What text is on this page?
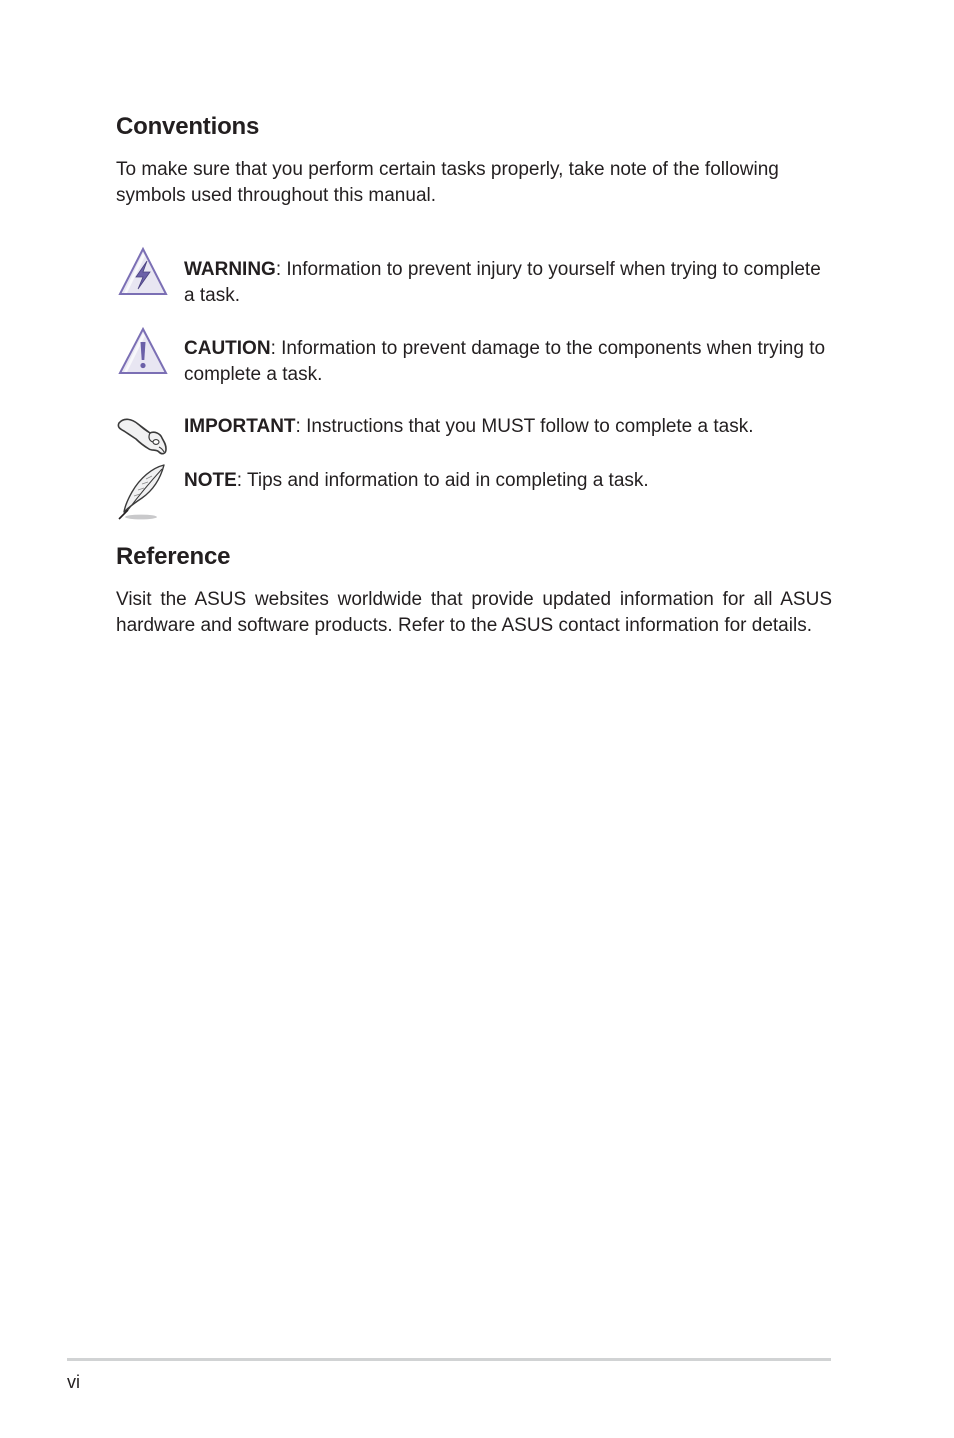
Conventions

To make sure that you perform certain tasks properly, take note of the following symbols used throughout this manual.

WARNING: Information to prevent injury to yourself when trying to complete a task.

CAUTION: Information to prevent damage to the components when trying to complete a task.

IMPORTANT: Instructions that you MUST follow to complete a task.

NOTE: Tips and information to aid in completing a task.

Reference

Visit the ASUS websites worldwide that provide updated information for all ASUS hardware and software products. Refer to the ASUS contact information for details.

vi
